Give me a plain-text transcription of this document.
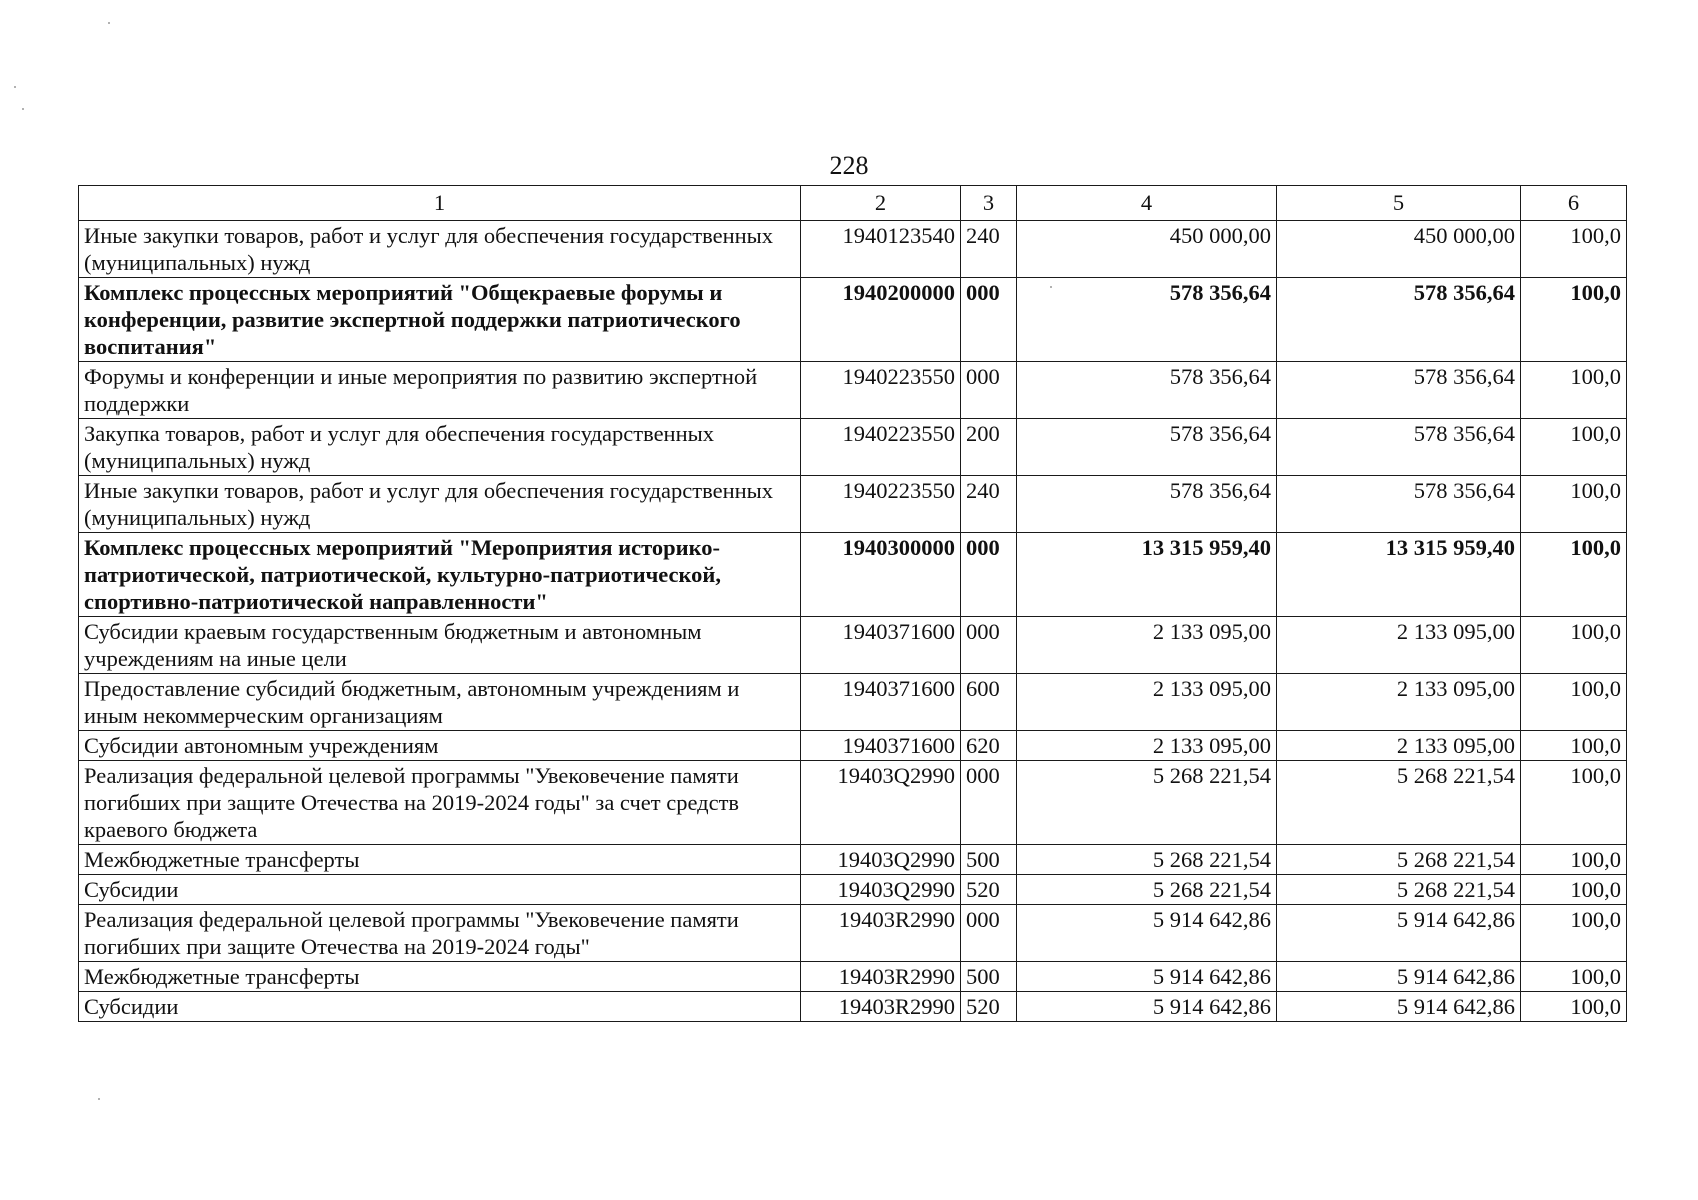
228
1	2	3	4	5	6
Иные закупки товаров, работ и услуг для обеспечения государственных (муниципальных) нужд	1940123540	240	450 000,00	450 000,00	100,0
Комплекс процессных мероприятий "Общекраевые форумы и конференции, развитие экспертной поддержки патриотического воспитания"	1940200000	000	578 356,64	578 356,64	100,0
Форумы и конференции и иные мероприятия по развитию экспертной поддержки	1940223550	000	578 356,64	578 356,64	100,0
Закупка товаров, работ и услуг для обеспечения государственных (муниципальных) нужд	1940223550	200	578 356,64	578 356,64	100,0
Иные закупки товаров, работ и услуг для обеспечения государственных (муниципальных) нужд	1940223550	240	578 356,64	578 356,64	100,0
Комплекс процессных мероприятий "Мероприятия историко-патриотической, патриотической, культурно-патриотической, спортивно-патриотической направленности"	1940300000	000	13 315 959,40	13 315 959,40	100,0
Субсидии краевым государственным бюджетным и автономным учреждениям на иные цели	1940371600	000	2 133 095,00	2 133 095,00	100,0
Предоставление субсидий бюджетным, автономным учреждениям и иным некоммерческим организациям	1940371600	600	2 133 095,00	2 133 095,00	100,0
Субсидии автономным учреждениям	1940371600	620	2 133 095,00	2 133 095,00	100,0
Реализация федеральной целевой программы "Увековечение памяти погибших при защите Отечества на 2019-2024 годы" за счет средств краевого бюджета	19403Q2990	000	5 268 221,54	5 268 221,54	100,0
Межбюджетные трансферты	19403Q2990	500	5 268 221,54	5 268 221,54	100,0
Субсидии	19403Q2990	520	5 268 221,54	5 268 221,54	100,0
Реализация федеральной целевой программы "Увековечение памяти погибших при защите Отечества на 2019-2024 годы"	19403R2990	000	5 914 642,86	5 914 642,86	100,0
Межбюджетные трансферты	19403R2990	500	5 914 642,86	5 914 642,86	100,0
Субсидии	19403R2990	520	5 914 642,86	5 914 642,86	100,0
